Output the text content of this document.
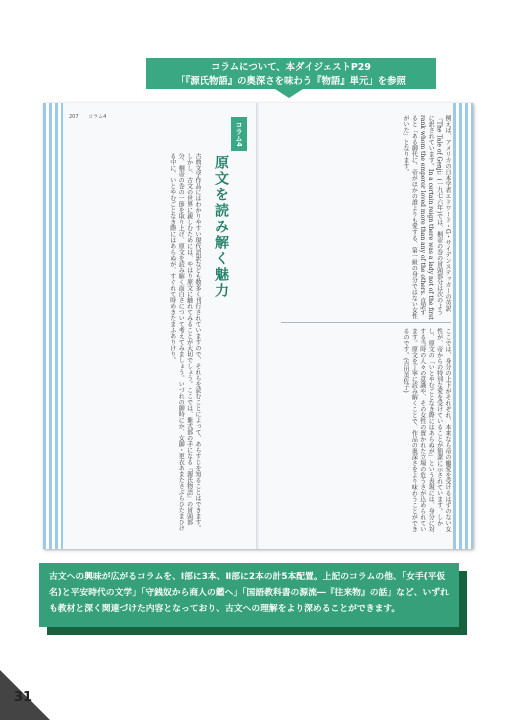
コラムについて、本ダイジェストP29
「『源氏物語』の奥深さを味わう『物語』単元」を参照
207 コラム4
古典文学作品にはわかりやすい現代語訳なども数多く刊行されていますので、それらを読むことによって、あらすじを知ることはできます。しかし、古文の世界に親しむためには、やはり原文に触れてみることが大切でしょう。ここでは、紫式部の手になる『源氏物語』の冒頭部分、桐壺の巻の一節を取り上げ、原文を読み解く面白さについて考えてみましょう。いづれの御時にか、女御・更衣あまたさぶらひたまひける中に、いとやむごとなき際にはあらぬが、すぐれて時めきたまふありけり。
コラム4
原文を読み解く魅力	例えば、アメリカの日本学者エドワード・G・サイデンステッカーの英訳『The Tale of Genji』(一九七六年)では、桐壺の巻の冒頭部分は次のように訳されています。In a certain reign there was a lady not of the first rank whom the emperor loved more than any of the others. 直訳すると「ある御代に、帝がほかの誰よりも愛する、第一級の身分ではない女性がいた」となります。
ここでは、身分の上下がそれぞれ、本来なら帝の寵愛を受けるはずのない女性が、帝からの特別な愛を受けていることが簡潔に示されています。しかし、原文の「いとやむごとなき際にはあらぬが」という表現には、身分に対する当時の人々の意識や、その女性の置かれた立場の危うさが込められています。原文を丁寧に読み解くことで、作品の奥深さをより味わうことができるのです。(吉田美佐子)
古文への興味が広がるコラムを、Ⅰ部に3本、Ⅱ部に2本の計5本配置。上記のコラムの他、「女手(平仮名)と平安時代の文学」「守銭奴から商人の鑑へ」「国語教科書の源流―『往来物』の話」など、いずれも教材と深く関連づけた内容となっており、古文への理解をより深めることができます。
31
